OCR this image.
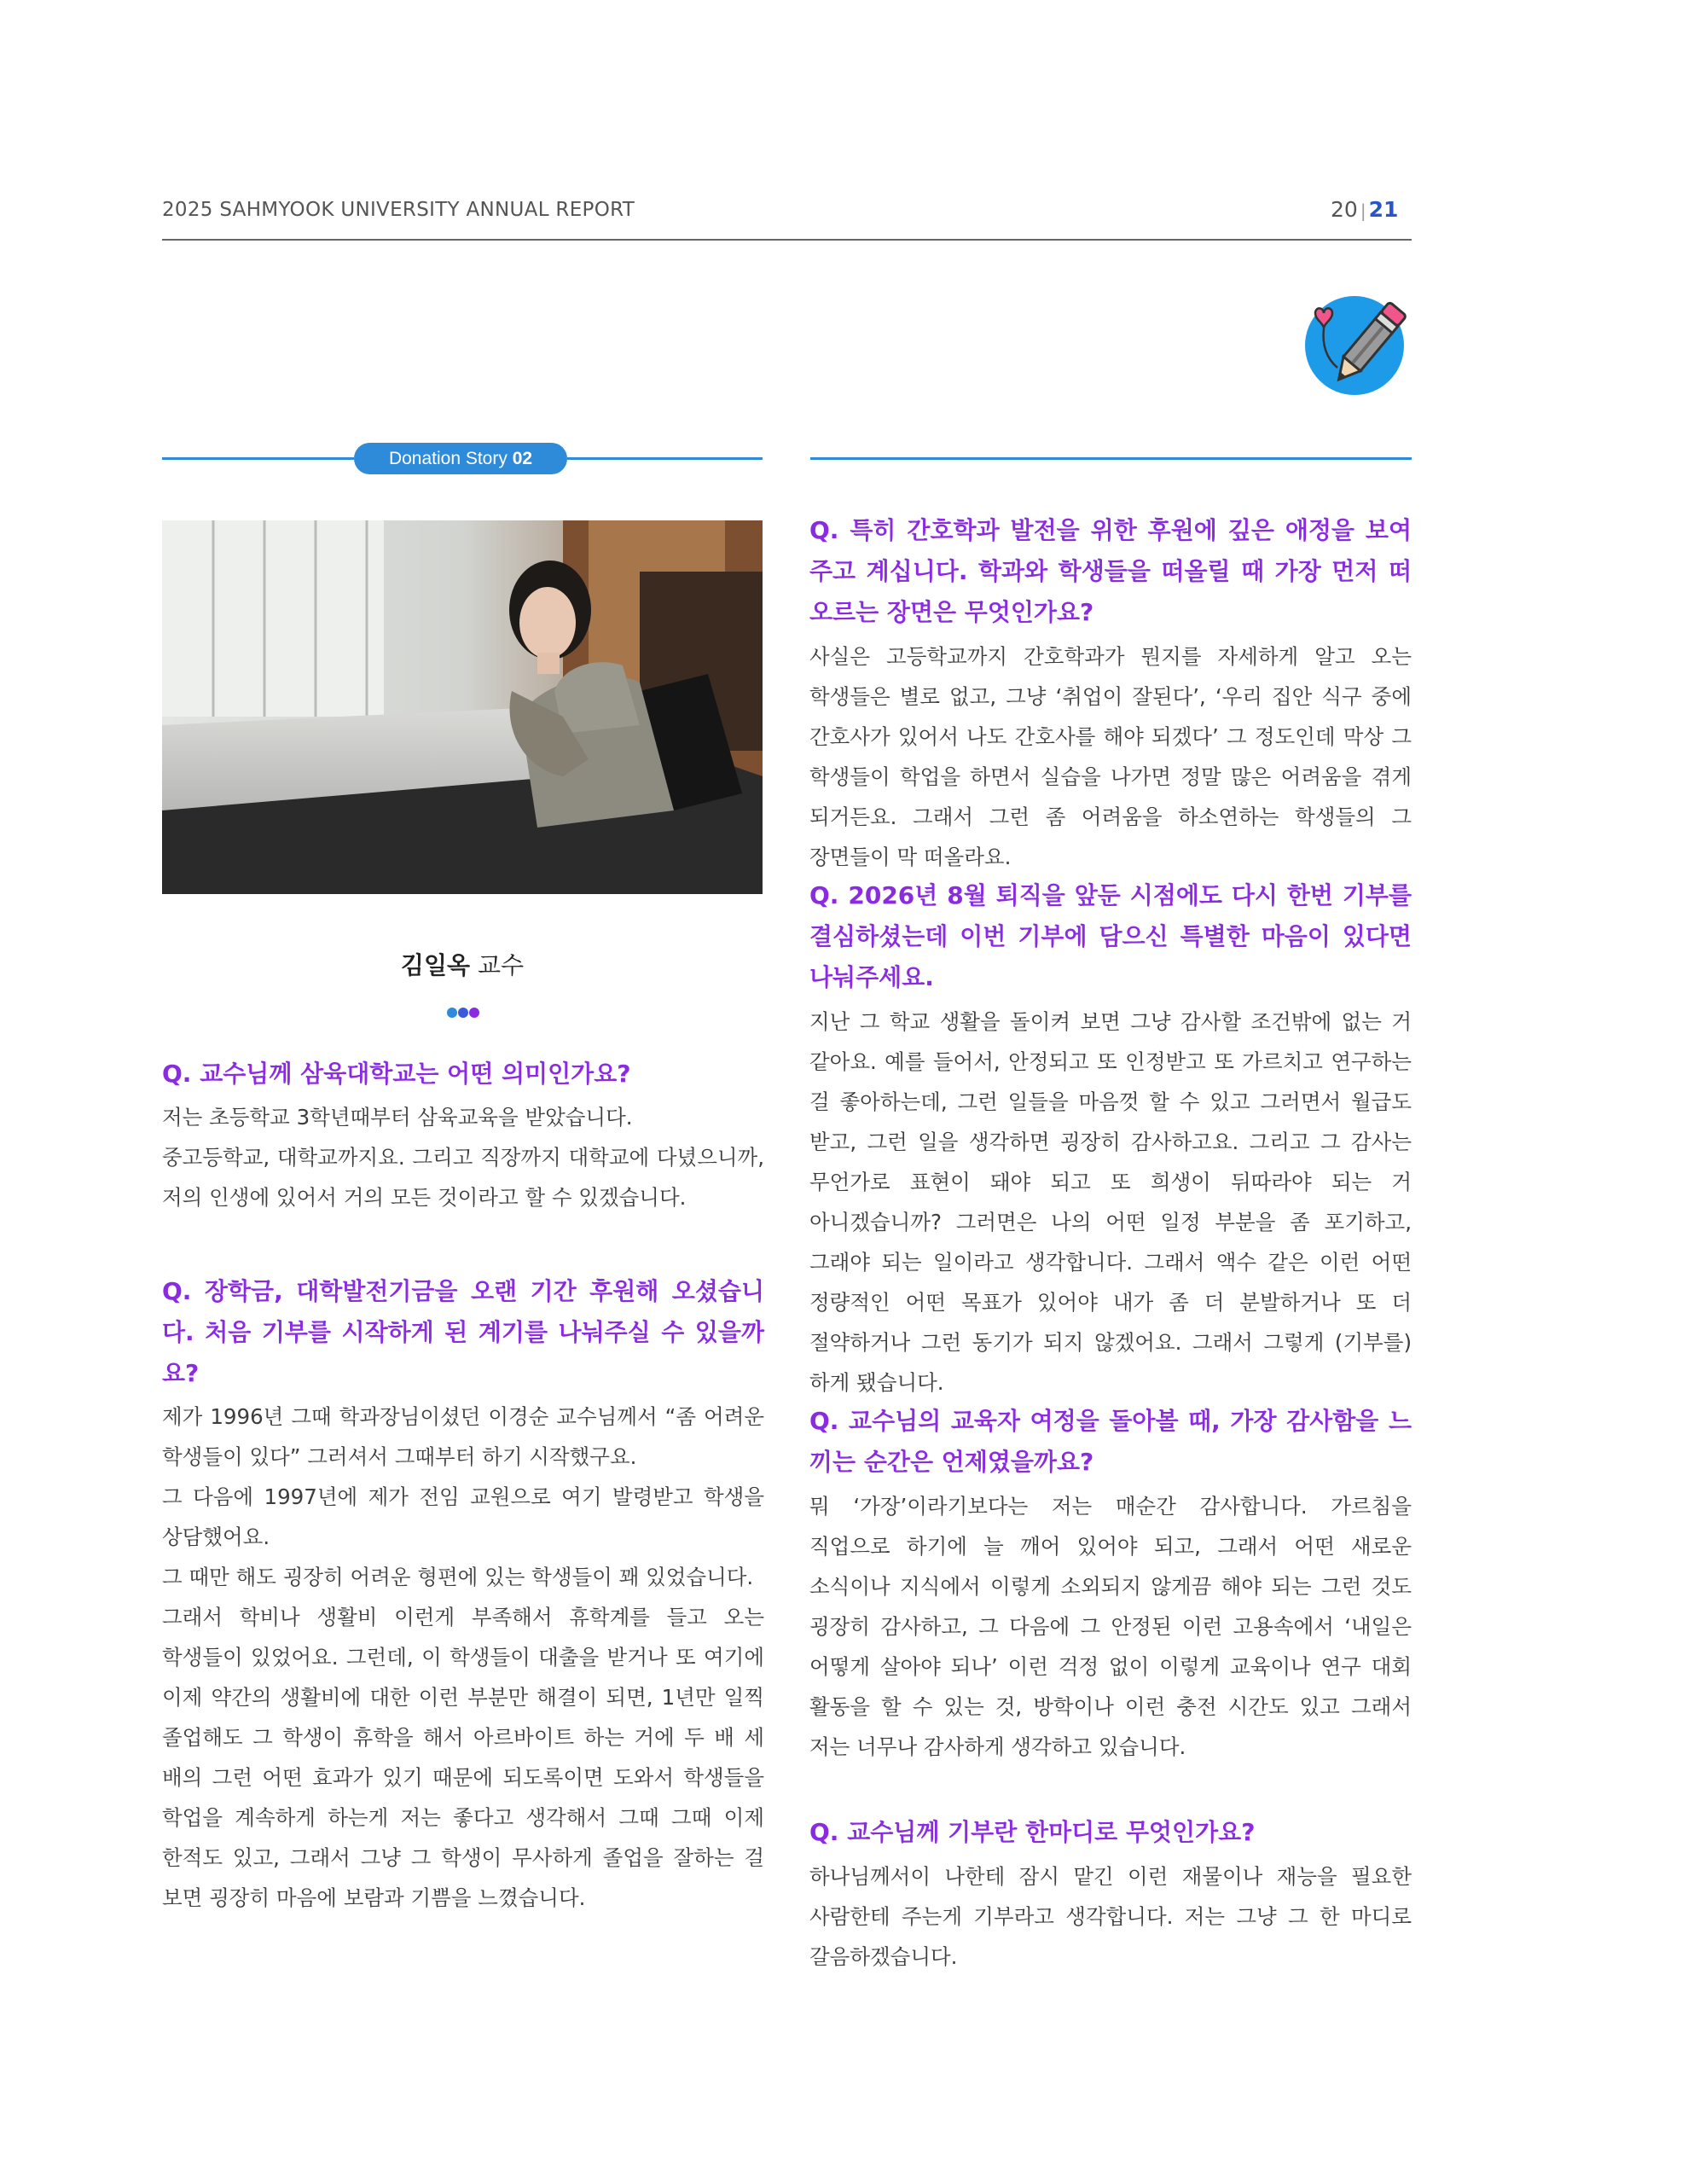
2025 SAHMYOOK UNIVERSITY ANNUAL REPORT	20 | 21
Donation Story 02
김일옥 교수

Q. 교수님께 삼육대학교는 어떤 의미인가요?

저는 초등학교 3학년때부터 삼육교육을 받았습니다.

중고등학교, 대학교까지요. 그리고 직장까지 대학교에 다녔으니까, 저의 인생에 있어서 거의 모든 것이라고 할 수 있겠습니다.

Q. 장학금, 대학발전기금을 오랜 기간 후원해 오셨습니다. 처음 기부를 시작하게 된 계기를 나눠주실 수 있을까요?

제가 1996년 그때 학과장님이셨던 이경순 교수님께서 “좀 어려운 학생들이 있다” 그러셔서 그때부터 하기 시작했구요.

그 다음에 1997년에 제가 전임 교원으로 여기 발령받고 학생을 상담했어요.

그 때만 해도 굉장히 어려운 형편에 있는 학생들이 꽤 있었습니다.

그래서 학비나 생활비 이런게 부족해서 휴학계를 들고 오는 학생들이 있었어요. 그런데, 이 학생들이 대출을 받거나 또 여기에 이제 약간의 생활비에 대한 이런 부분만 해결이 되면, 1년만 일찍 졸업해도 그 학생이 휴학을 해서 아르바이트 하는 거에 두 배 세 배의 그런 어떤 효과가 있기 때문에 되도록이면 도와서 학생들을 학업을 계속하게 하는게 저는 좋다고 생각해서 그때 그때 이제 한적도 있고, 그래서 그냥 그 학생이 무사하게 졸업을 잘하는 걸 보면 굉장히 마음에 보람과 기쁨을 느꼈습니다.

Q. 특히 간호학과 발전을 위한 후원에 깊은 애정을 보여주고 계십니다. 학과와 학생들을 떠올릴 때 가장 먼저 떠오르는 장면은 무엇인가요?

사실은 고등학교까지 간호학과가 뭔지를 자세하게 알고 오는 학생들은 별로 없고, 그냥 ‘취업이 잘된다’, ‘우리 집안 식구 중에 간호사가 있어서 나도 간호사를 해야 되겠다’ 그 정도인데 막상 그 학생들이 학업을 하면서 실습을 나가면 정말 많은 어려움을 겪게 되거든요. 그래서 그런 좀 어려움을 하소연하는 학생들의 그 장면들이 막 떠올라요.

Q. 2026년 8월 퇴직을 앞둔 시점에도 다시 한번 기부를 결심하셨는데 이번 기부에 담으신 특별한 마음이 있다면 나눠주세요.

지난 그 학교 생활을 돌이켜 보면 그냥 감사할 조건밖에 없는 거 같아요. 예를 들어서, 안정되고 또 인정받고 또 가르치고 연구하는 걸 좋아하는데, 그런 일들을 마음껏 할 수 있고 그러면서 월급도 받고, 그런 일을 생각하면 굉장히 감사하고요. 그리고 그 감사는 무언가로 표현이 돼야 되고 또 희생이 뒤따라야 되는 거 아니겠습니까? 그러면은 나의 어떤 일정 부분을 좀 포기하고, 그래야 되는 일이라고 생각합니다. 그래서 액수 같은 이런 어떤 정량적인 어떤 목표가 있어야 내가 좀 더 분발하거나 또 더 절약하거나 그런 동기가 되지 않겠어요. 그래서 그렇게 (기부를) 하게 됐습니다.

Q. 교수님의 교육자 여정을 돌아볼 때, 가장 감사함을 느끼는 순간은 언제였을까요?

뭐 ‘가장’이라기보다는 저는 매순간 감사합니다. 가르침을 직업으로 하기에 늘 깨어 있어야 되고, 그래서 어떤 새로운 소식이나 지식에서 이렇게 소외되지 않게끔 해야 되는 그런 것도 굉장히 감사하고, 그 다음에 그 안정된 이런 고용속에서 ‘내일은 어떻게 살아야 되나’ 이런 걱정 없이 이렇게 교육이나 연구 대회 활동을 할 수 있는 것, 방학이나 이런 충전 시간도 있고 그래서 저는 너무나 감사하게 생각하고 있습니다.

Q. 교수님께 기부란 한마디로 무엇인가요?

하나님께서이 나한테 잠시 맡긴 이런 재물이나 재능을 필요한 사람한테 주는게 기부라고 생각합니다. 저는 그냥 그 한 마디로 갈음하겠습니다.
